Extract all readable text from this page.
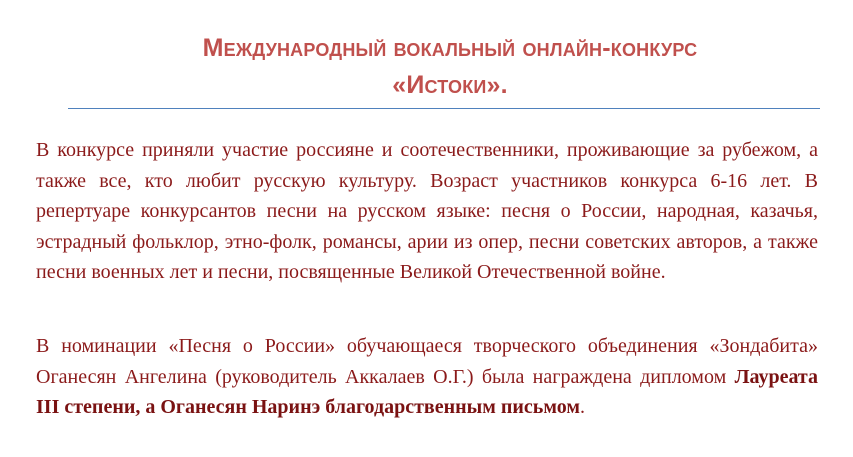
Международный вокальный онлайн-конкурс
«Истоки».

В конкурсе приняли участие россияне и соотечественники, проживающие за рубежом, а также все, кто любит русскую культуру. Возраст участников конкурса 6-16 лет. В репертуаре конкурсантов песни на русском языке: песня о России, народная, казачья, эстрадный фольклор, этно-фолк, романсы, арии из опер, песни советских авторов, а также песни военных лет и песни, посвященные Великой Отечественной войне.

В номинации «Песня о России» обучающаеся творческого объединения «Зондабита» Оганесян Ангелина (руководитель Аккалаев О.Г.) была награждена дипломом Лауреата III степени, а Оганесян Наринэ благодарственным письмом.
